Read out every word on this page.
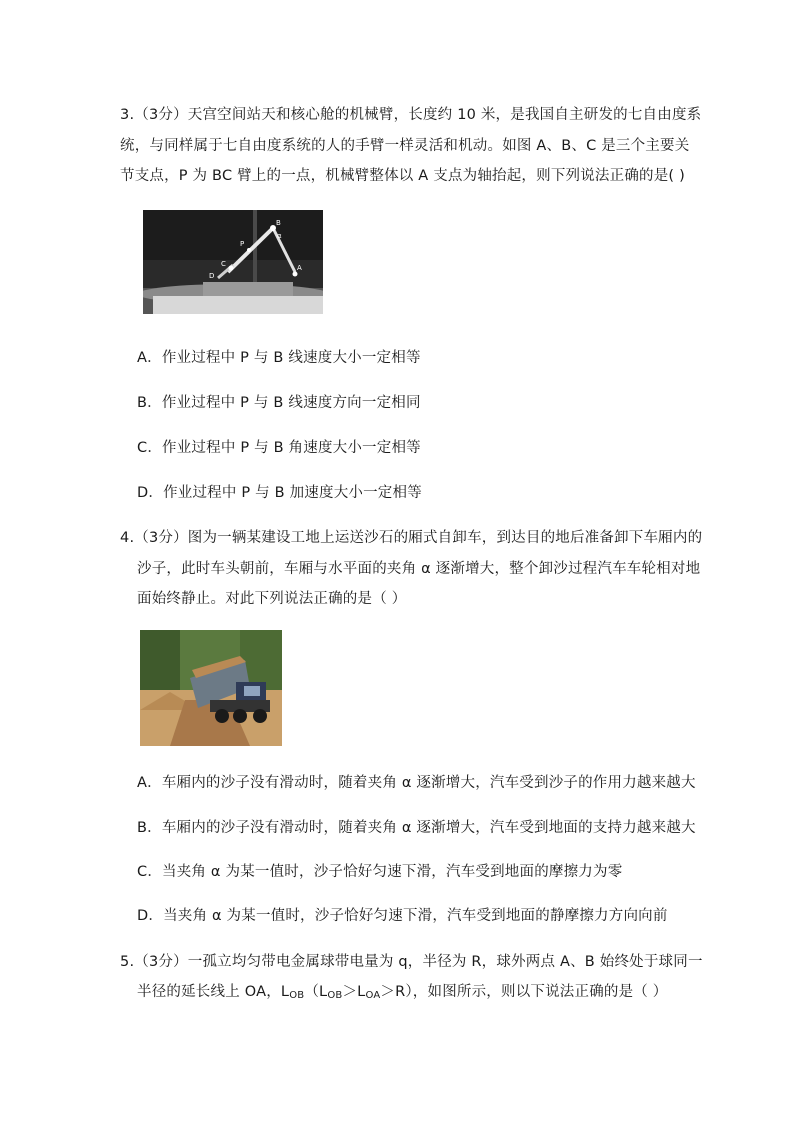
3.（3分）天宫空间站天和核心舱的机械臂，长度约 10 米，是我国自主研发的七自由度系
统，与同样属于七自由度系统的人的手臂一样灵活和机动。如图 A、B、C 是三个主要关
节支点，P 为 BC 臂上的一点，机械臂整体以 A 支点为轴抬起，则下列说法正确的是( )
B
P
C
D
A
α
A．作业过程中 P 与 B 线速度大小一定相等
B．作业过程中 P 与 B 线速度方向一定相同
C．作业过程中 P 与 B 角速度大小一定相等
D．作业过程中 P 与 B 加速度大小一定相等
4.（3分）图为一辆某建设工地上运送沙石的厢式自卸车，到达目的地后准备卸下车厢内的
沙子，此时车头朝前，车厢与水平面的夹角 α 逐渐增大，整个卸沙过程汽车车轮相对地
面始终静止。对此下列说法正确的是（ ）
A．车厢内的沙子没有滑动时，随着夹角 α 逐渐增大，汽车受到沙子的作用力越来越大
B．车厢内的沙子没有滑动时，随着夹角 α 逐渐增大，汽车受到地面的支持力越来越大
C．当夹角 α 为某一值时，沙子恰好匀速下滑，汽车受到地面的摩擦力为零
D．当夹角 α 为某一值时，沙子恰好匀速下滑，汽车受到地面的静摩擦力方向向前
5.（3分）一孤立均匀带电金属球带电量为 q，半径为 R，球外两点 A、B 始终处于球同一
半径的延长线上 OA，$L_{OB}(L_{OB}>L_{OA}>R)$，如图所示，则以下说法正确的是（ ）
